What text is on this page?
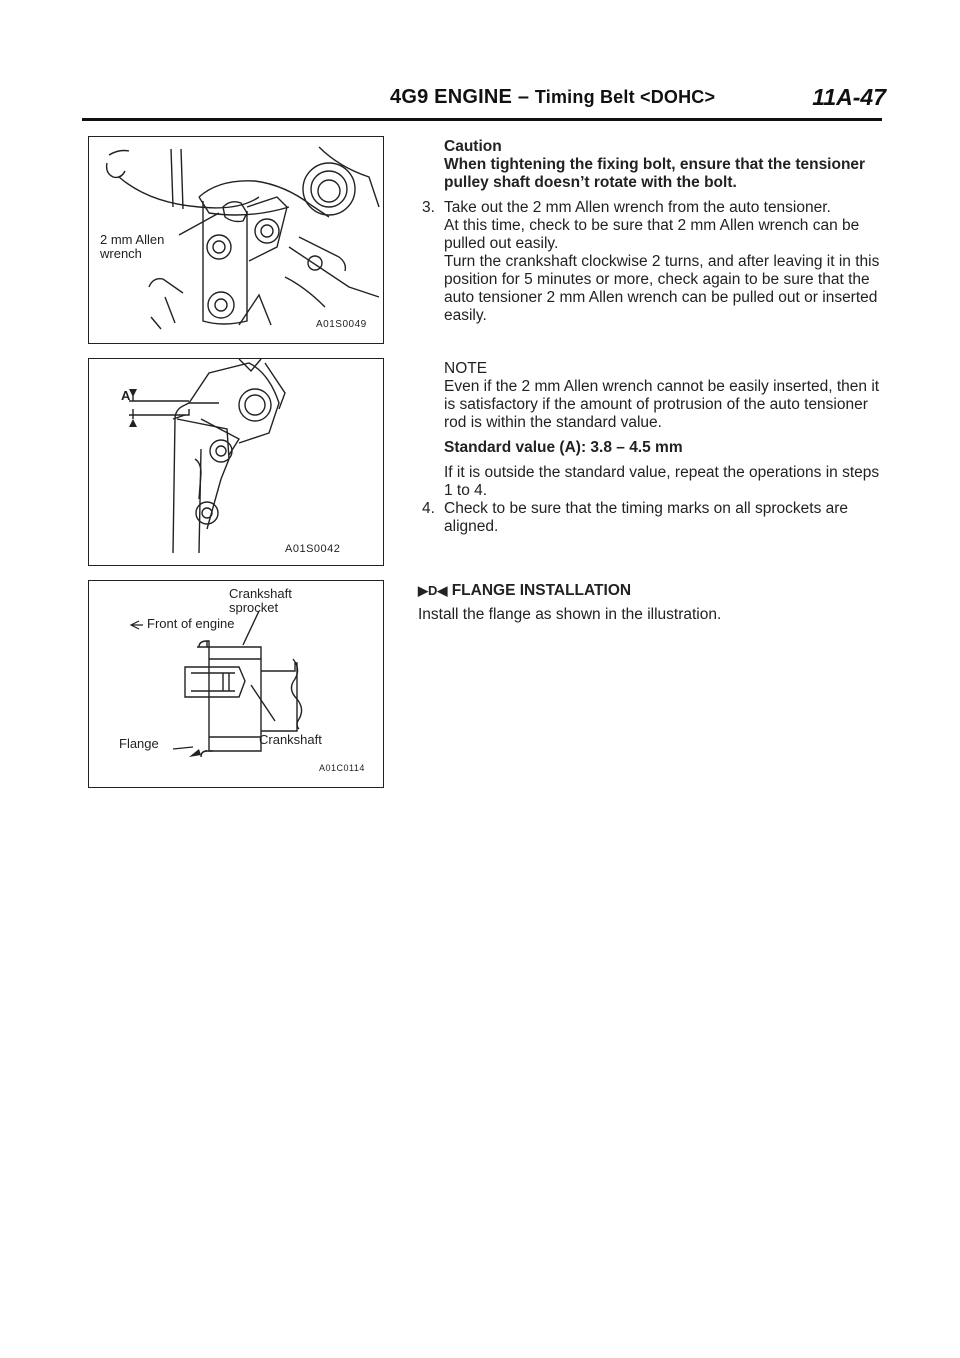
4G9 ENGINE – Timing Belt <DOHC>	11A-47
2 mm Allen
wrench
A01S0049
A
A01S0042
Crankshaft
sprocket
Front of engine
Flange	Crankshaft
A01C0114

Caution

When tightening the fixing bolt, ensure that the tensioner pulley shaft doesn’t rotate with the bolt.

3. Take out the 2 mm Allen wrench from the auto tensioner.

At this time, check to be sure that 2 mm Allen wrench can be pulled out easily.

Turn the crankshaft clockwise 2 turns, and after leaving it in this position for 5 minutes or more, check again to be sure that the auto tensioner 2 mm Allen wrench can be pulled out or inserted easily.

NOTE

Even if the 2 mm Allen wrench cannot be easily inserted, then it is satisfactory if the amount of protrusion of the auto tensioner rod is within the standard value.

Standard value (A): 3.8 – 4.5 mm

If it is outside the standard value, repeat the operations in steps 1 to 4.

4. Check to be sure that the timing marks on all sprockets are aligned.

▶D◀ FLANGE INSTALLATION

Install the flange as shown in the illustration.
